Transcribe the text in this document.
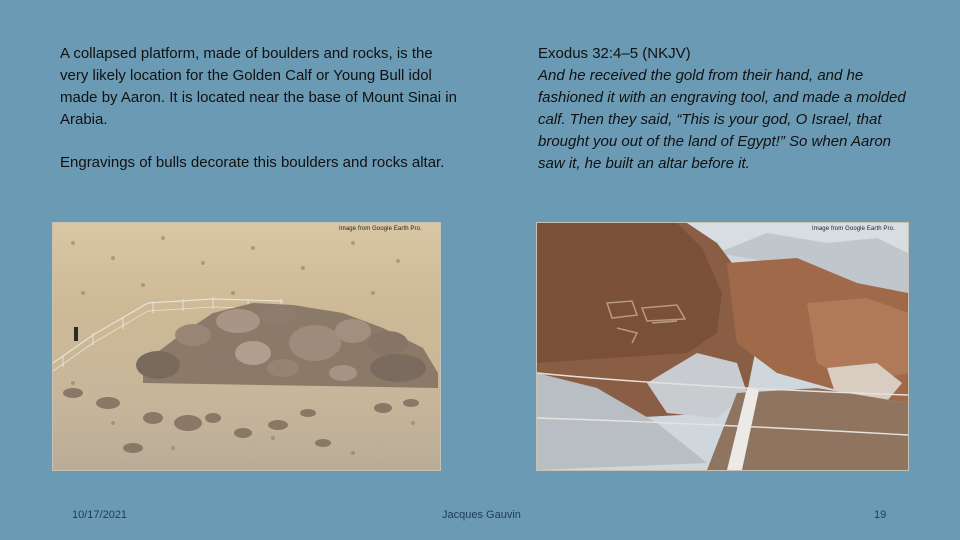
A collapsed platform, made of boulders and rocks, is the very likely location for the Golden Calf or Young Bull idol made by Aaron. It is located near the base of Mount Sinai in Arabia.

Engravings of bulls decorate this boulders and rocks altar.

Exodus 32:4–5 (NKJV)
And he received the gold from their hand, and he fashioned it with an engraving tool, and made a molded calf. Then they said, “This is your god, O Israel, that brought you out of the land of Egypt!” So when Aaron saw it, he built an altar before it.
Image from Google Earth Pro.	Image from Google Earth Pro.
10/17/2021	Jacques Gauvin	19
